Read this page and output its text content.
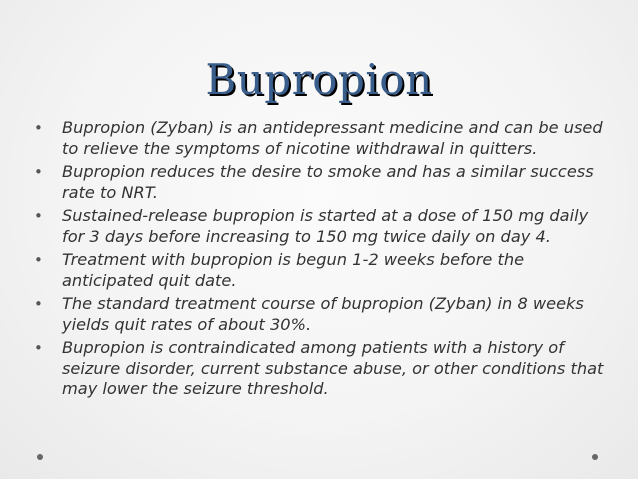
Bupropion
• Bupropion (Zyban) is an antidepressant medicine and can be used to relieve the symptoms of nicotine withdrawal in quitters.
• Bupropion reduces the desire to smoke and has a similar success rate to NRT.
• Sustained-release bupropion is started at a dose of 150 mg daily for 3 days before increasing to 150 mg twice daily on day 4.
• Treatment with bupropion is begun 1-2 weeks before the anticipated quit date.
• The standard treatment course of bupropion (Zyban) in 8 weeks yields quit rates of about 30%.
• Bupropion is contraindicated among patients with a history of seizure disorder, current substance abuse, or other conditions that may lower the seizure threshold.
